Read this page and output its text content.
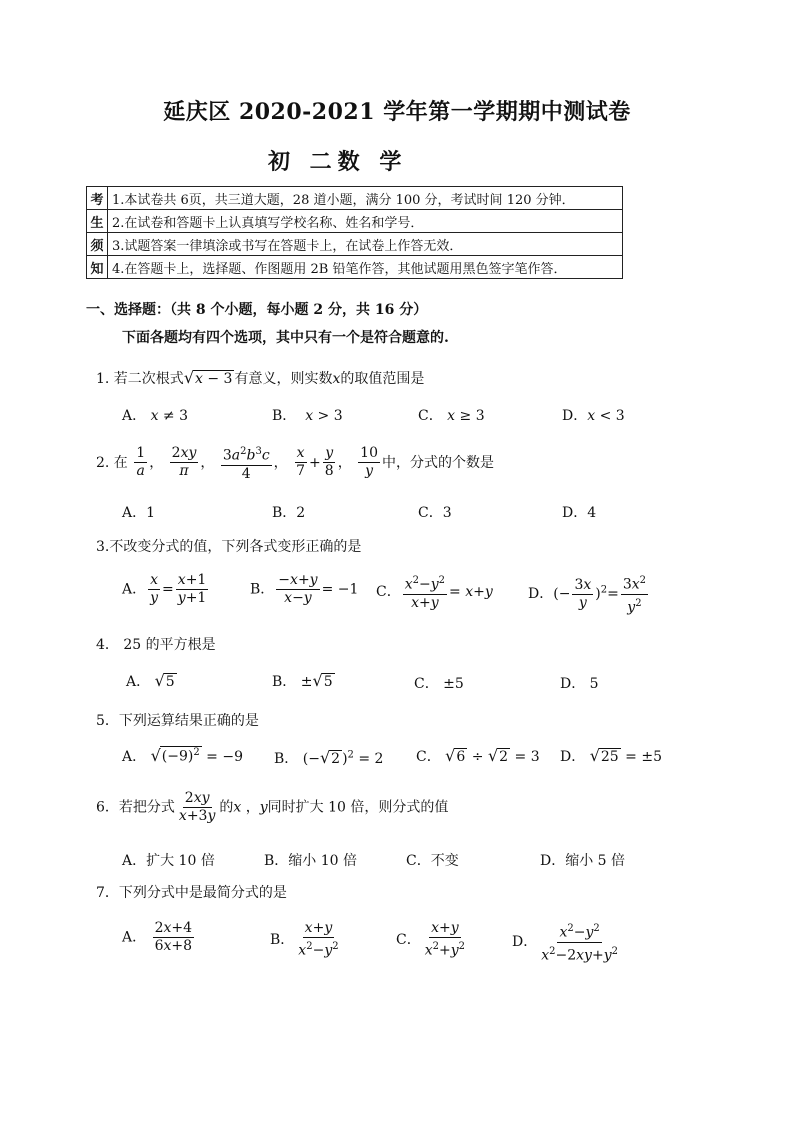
延庆区 2020-2021 学年第一学期期中测试卷
初 二数 学
考	1.本试卷共 6页，共三道大题，28 道小题，满分 100 分，考试时间 120 分钟．
生	2.在试卷和答题卡上认真填写学校名称、姓名和学号．
须	3.试题答案一律填涂或书写在答题卡上，在试卷上作答无效．
知	4.在答题卡上，选择题、作图题用 2B 铅笔作答，其他试题用黑色签字笔作答．
一、选择题：（共 8 个小题，每小题 2 分，共 16 分）
下面各题均有四个选项，其中只有一个是符合题意的.
1. 若二次根式√x − 3 有意义，则实数x的取值范围是
A． x ≠ 3	B． x > 3	C． x ≥ 3	D．x < 3
2. 在 $\frac{1}{a}$ ， $\frac{2xy}{\pi}$ ， $\frac{3a^2b^3c}{4}$ ， $\frac{x}{7} + \frac{y}{8}$ ， $\frac{10}{y}$ 中，分式的个数是
A．1	B．2	C．3	D．4
3.不改变分式的值，下列各式变形正确的是
A． $\frac{x}{y} = \frac{x+1}{y+1}$	B． $\frac{-x+y}{x-y} = -1$ C． $\frac{x^2-y^2}{x+y} = x+y$	D．(− $\frac{3x}{y} )^2= \frac{3x^2}{y^2}$
4． 25 的平方根是
A． √5	B． ±√5	C． ±5	D． 5
5．下列运算结果正确的是
A． $√(-9)^2 = -9$ B． (−√2 )$^2$ = 2 C． √6 ÷ √2 = 3 D． √25 = ±5
6．若把分式 $\frac{2xy}{x+3y}$ 的x ，y同时扩大 10 倍，则分式的值
A．扩大 10 倍	B．缩小 10 倍	C．不变	D．缩小 5 倍
7．下列分式中是最简分式的是
A． $\frac{2x+4}{6x+8}$	B． $\frac{x+y}{x^2-y^2}$	C． $\frac{x+y}{x^2+y^2}$	D． $\frac{x^2-y^2}{x^2-2xy+y^2}$
